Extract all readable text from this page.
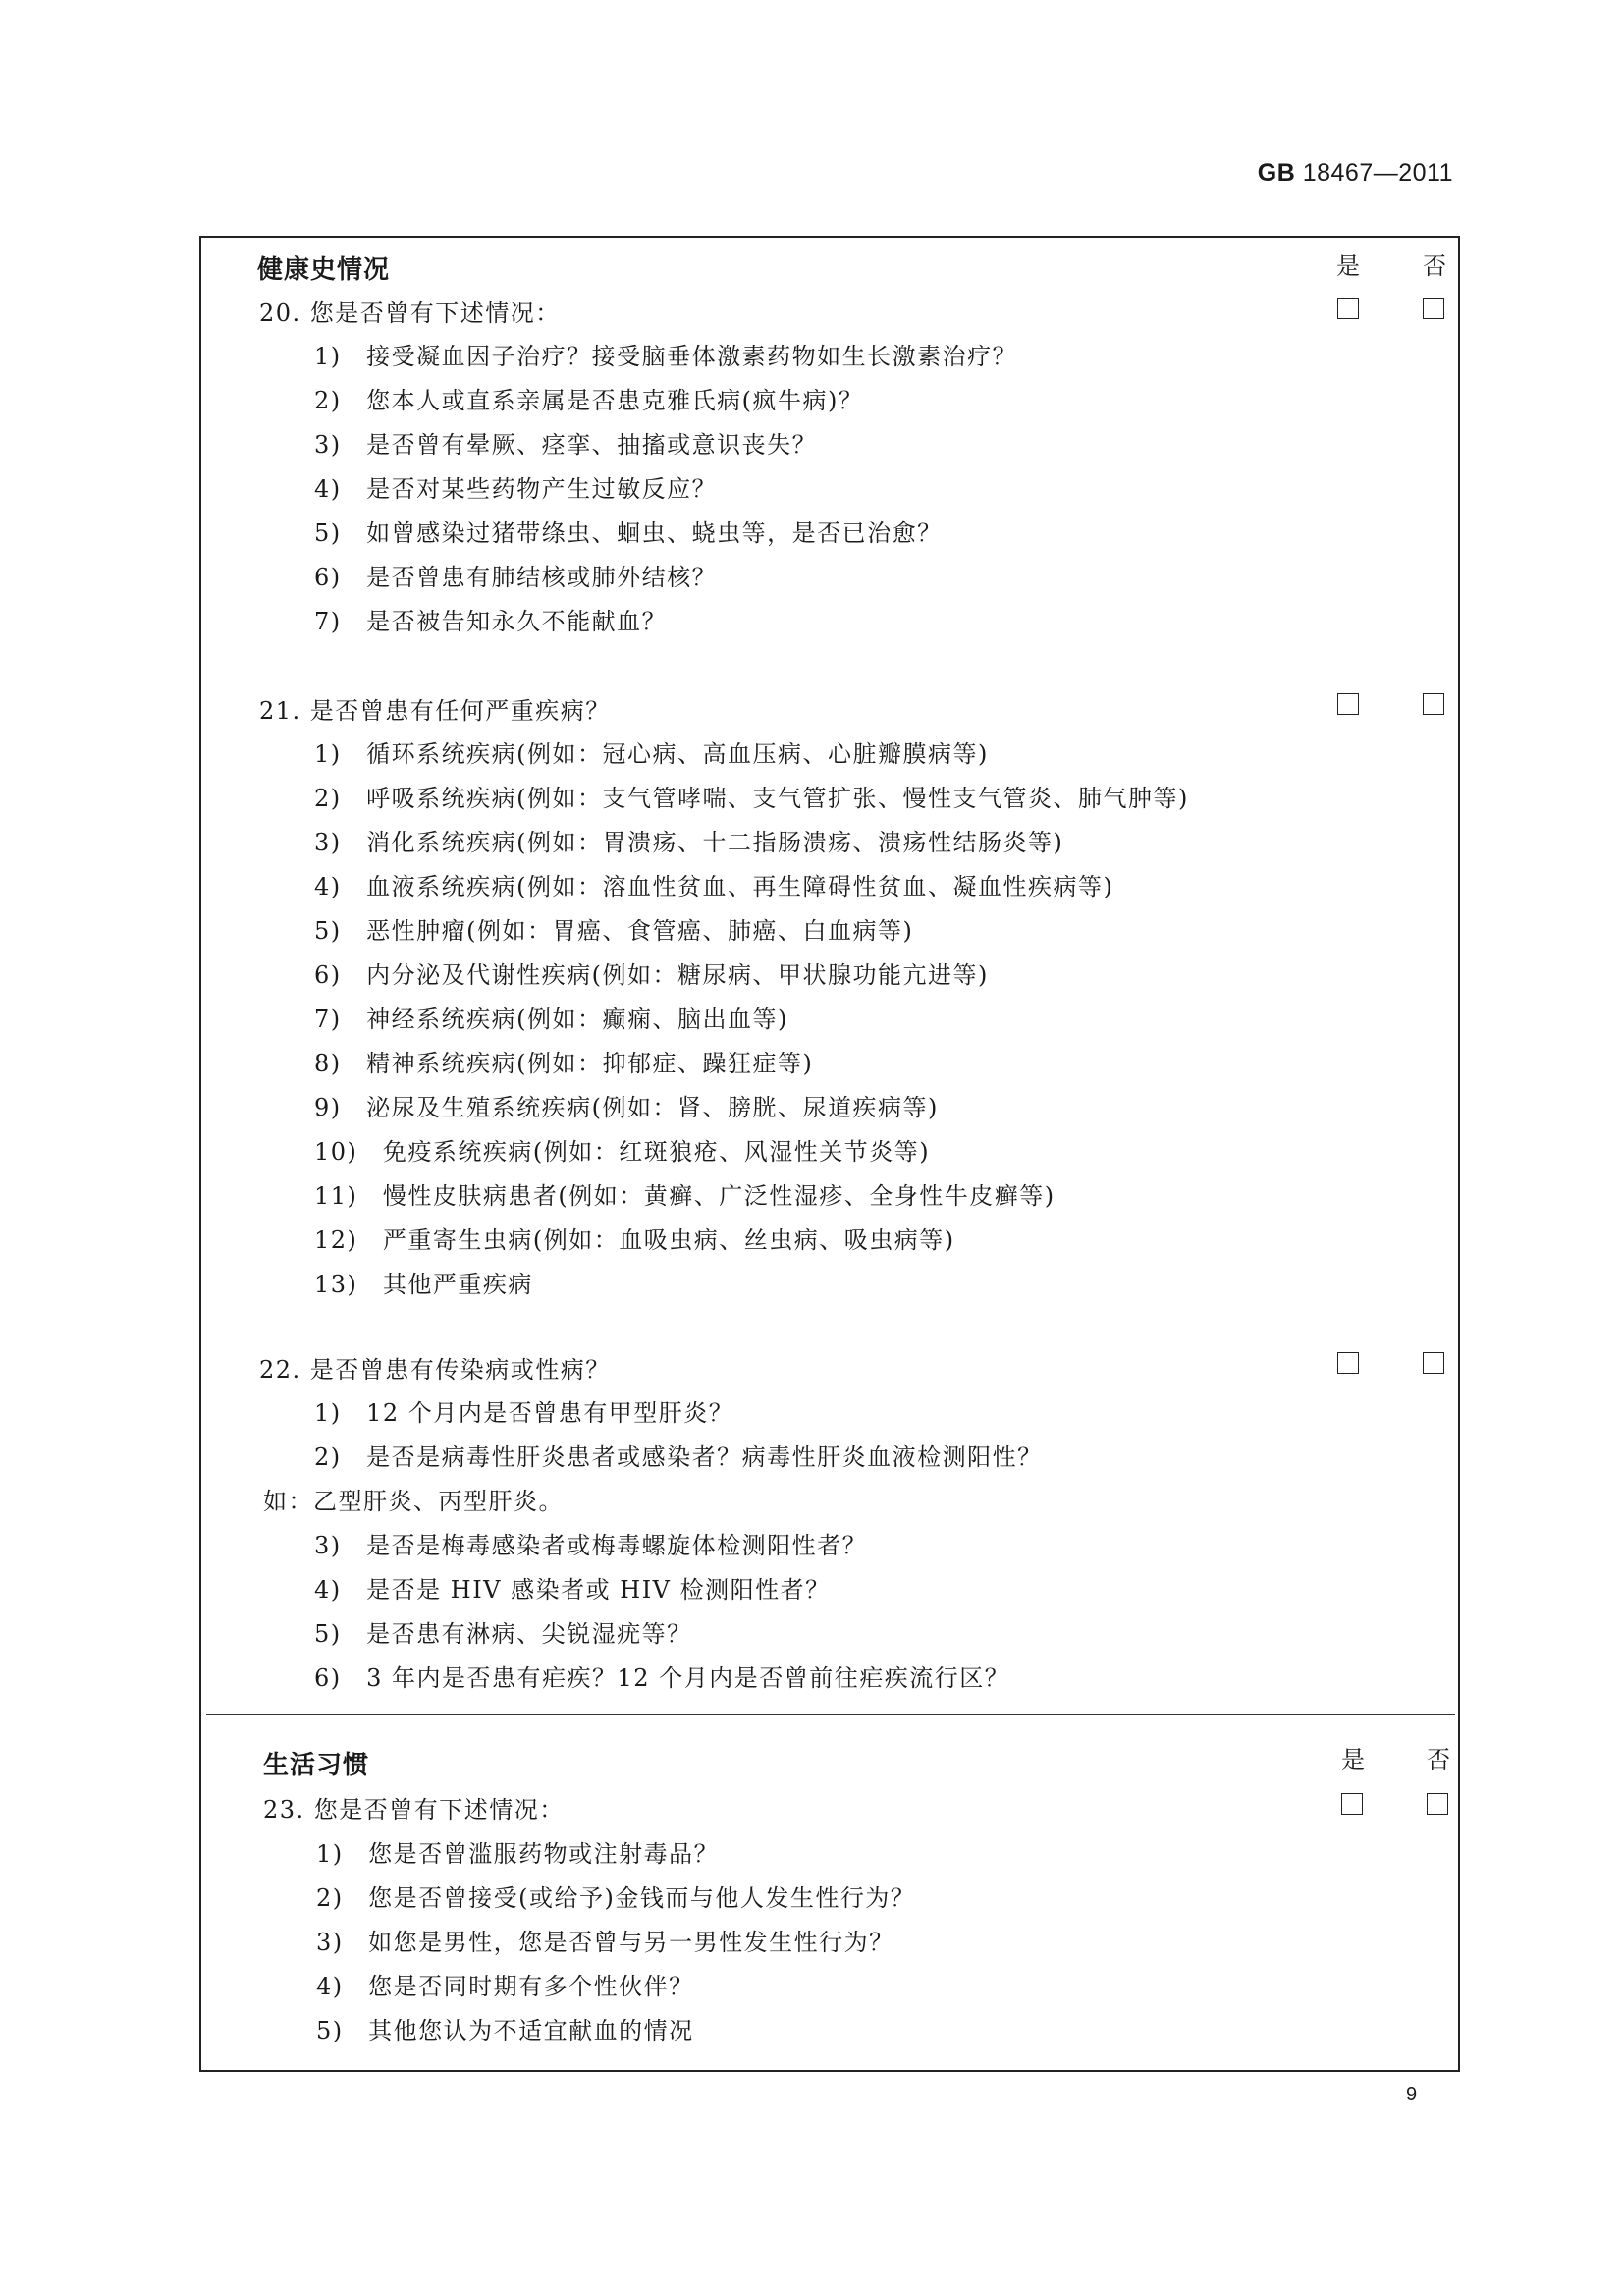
GB 18467—2011
健康史情况	是	否
20. 您是否曾有下述情况：
1)　接受凝血因子治疗？接受脑垂体激素药物如生长激素治疗？
2)　您本人或直系亲属是否患克雅氏病(疯牛病)？
3)　是否曾有晕厥、痉挛、抽搐或意识丧失？
4)　是否对某些药物产生过敏反应？
5)　如曾感染过猪带绦虫、蛔虫、蛲虫等，是否已治愈？
6)　是否曾患有肺结核或肺外结核？
7)　是否被告知永久不能献血？
21. 是否曾患有任何严重疾病？
1)　循环系统疾病(例如：冠心病、高血压病、心脏瓣膜病等)
2)　呼吸系统疾病(例如：支气管哮喘、支气管扩张、慢性支气管炎、肺气肿等)
3)　消化系统疾病(例如：胃溃疡、十二指肠溃疡、溃疡性结肠炎等)
4)　血液系统疾病(例如：溶血性贫血、再生障碍性贫血、凝血性疾病等)
5)　恶性肿瘤(例如：胃癌、食管癌、肺癌、白血病等)
6)　内分泌及代谢性疾病(例如：糖尿病、甲状腺功能亢进等)
7)　神经系统疾病(例如：癫痫、脑出血等)
8)　精神系统疾病(例如：抑郁症、躁狂症等)
9)　泌尿及生殖系统疾病(例如：肾、膀胱、尿道疾病等)
10)　免疫系统疾病(例如：红斑狼疮、风湿性关节炎等)
11)　慢性皮肤病患者(例如：黄癣、广泛性湿疹、全身性牛皮癣等)
12)　严重寄生虫病(例如：血吸虫病、丝虫病、吸虫病等)
13)　其他严重疾病
22. 是否曾患有传染病或性病？
1)　12 个月内是否曾患有甲型肝炎？
2)　是否是病毒性肝炎患者或感染者？病毒性肝炎血液检测阳性？
如：乙型肝炎、丙型肝炎。
3)　是否是梅毒感染者或梅毒螺旋体检测阳性者？
4)　是否是 HIV 感染者或 HIV 检测阳性者？
5)　是否患有淋病、尖锐湿疣等？
6)　3 年内是否患有疟疾？12 个月内是否曾前往疟疾流行区？
生活习惯	是	否
23. 您是否曾有下述情况：
1)　您是否曾滥服药物或注射毒品？
2)　您是否曾接受(或给予)金钱而与他人发生性行为？
3)　如您是男性，您是否曾与另一男性发生性行为？
4)　您是否同时期有多个性伙伴？
5)　其他您认为不适宜献血的情况
9
